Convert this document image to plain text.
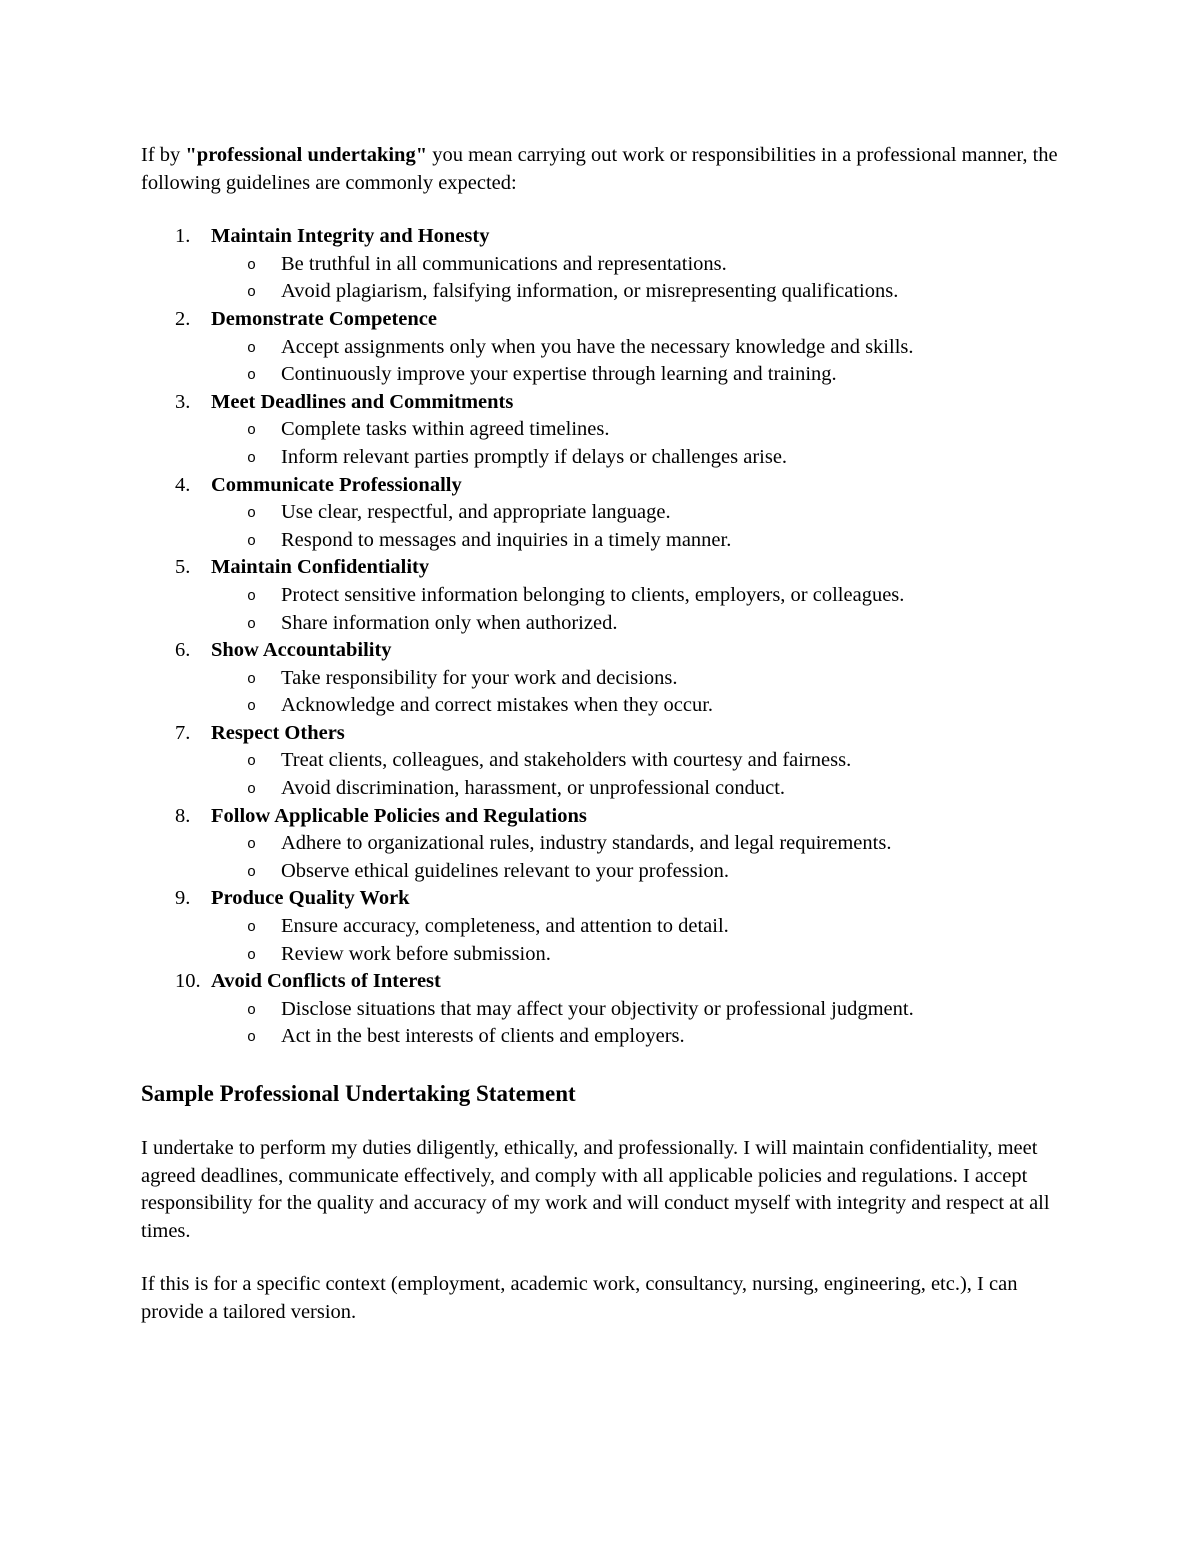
If by "professional undertaking" you mean carrying out work or responsibilities in a professional manner, the following guidelines are commonly expected:

1. Maintain Integrity and Honesty
o Be truthful in all communications and representations.
o Avoid plagiarism, falsifying information, or misrepresenting qualifications.
2. Demonstrate Competence
o Accept assignments only when you have the necessary knowledge and skills.
o Continuously improve your expertise through learning and training.
3. Meet Deadlines and Commitments
o Complete tasks within agreed timelines.
o Inform relevant parties promptly if delays or challenges arise.
4. Communicate Professionally
o Use clear, respectful, and appropriate language.
o Respond to messages and inquiries in a timely manner.
5. Maintain Confidentiality
o Protect sensitive information belonging to clients, employers, or colleagues.
o Share information only when authorized.
6. Show Accountability
o Take responsibility for your work and decisions.
o Acknowledge and correct mistakes when they occur.
7. Respect Others
o Treat clients, colleagues, and stakeholders with courtesy and fairness.
o Avoid discrimination, harassment, or unprofessional conduct.
8. Follow Applicable Policies and Regulations
o Adhere to organizational rules, industry standards, and legal requirements.
o Observe ethical guidelines relevant to your profession.
9. Produce Quality Work
o Ensure accuracy, completeness, and attention to detail.
o Review work before submission.
10. Avoid Conflicts of Interest
o Disclose situations that may affect your objectivity or professional judgment.
o Act in the best interests of clients and employers.
Sample Professional Undertaking Statement

I undertake to perform my duties diligently, ethically, and professionally. I will maintain confidentiality, meet agreed deadlines, communicate effectively, and comply with all applicable policies and regulations. I accept responsibility for the quality and accuracy of my work and will conduct myself with integrity and respect at all times.

If this is for a specific context (employment, academic work, consultancy, nursing, engineering, etc.), I can provide a tailored version.
